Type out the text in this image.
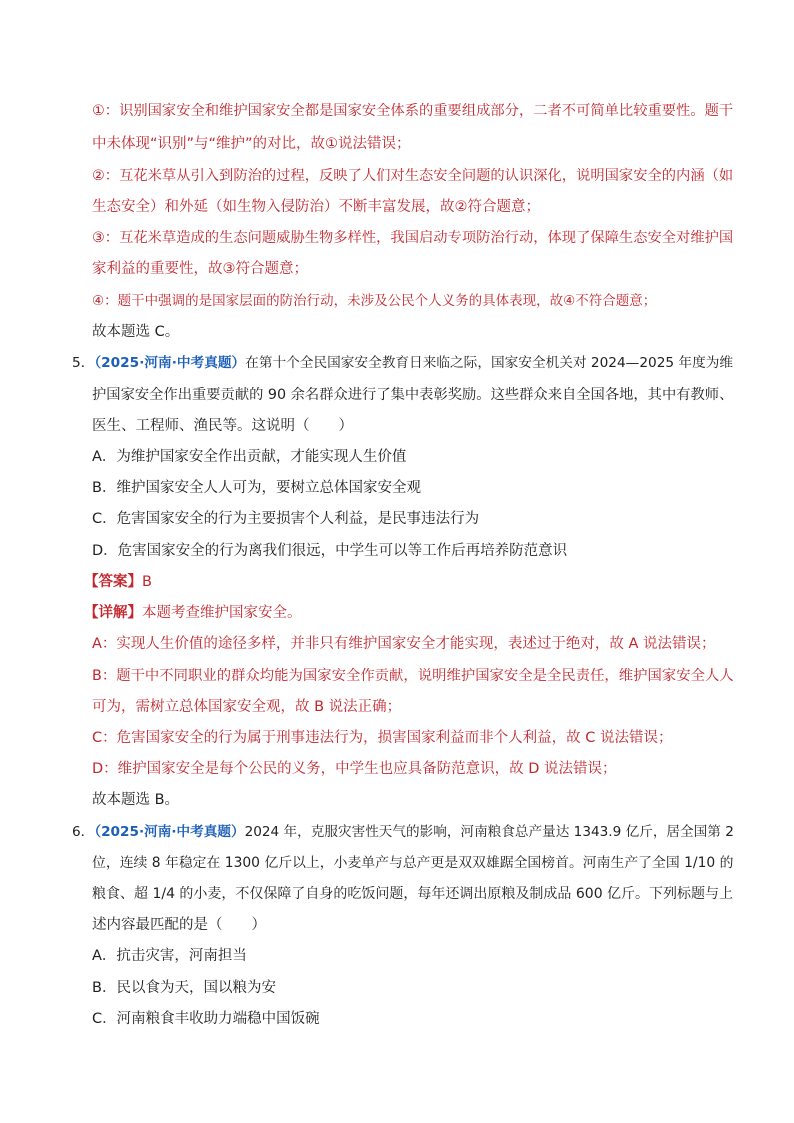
①：识别国家安全和维护国家安全都是国家安全体系的重要组成部分，二者不可简单比较重要性。题干
中未体现“识别”与“维护”的对比，故①说法错误；
②：互花米草从引入到防治的过程，反映了人们对生态安全问题的认识深化，说明国家安全的内涵（如
生态安全）和外延（如生物入侵防治）不断丰富发展，故②符合题意；
③：互花米草造成的生态问题威胁生物多样性，我国启动专项防治行动，体现了保障生态安全对维护国
家利益的重要性，故③符合题意；
④：题干中强调的是国家层面的防治行动，未涉及公民个人义务的具体表现，故④不符合题意；
故本题选 C。
5．（2025·河南·中考真题）在第十个全民国家安全教育日来临之际，国家安全机关对 2024—2025 年度为维
护国家安全作出重要贡献的 90 余名群众进行了集中表彰奖励。这些群众来自全国各地，其中有教师、
医生、工程师、渔民等。这说明（　　）
A．为维护国家安全作出贡献，才能实现人生价值
B．维护国家安全人人可为，要树立总体国家安全观
C．危害国家安全的行为主要损害个人利益，是民事违法行为
D．危害国家安全的行为离我们很远，中学生可以等工作后再培养防范意识
【答案】B
【详解】本题考查维护国家安全。
A：实现人生价值的途径多样，并非只有维护国家安全才能实现，表述过于绝对，故 A 说法错误；
B：题干中不同职业的群众均能为国家安全作贡献，说明维护国家安全是全民责任，维护国家安全人人
可为，需树立总体国家安全观，故 B 说法正确；
C：危害国家安全的行为属于刑事违法行为，损害国家利益而非个人利益，故 C 说法错误；
D：维护国家安全是每个公民的义务，中学生也应具备防范意识，故 D 说法错误；
故本题选 B。
6．（2025·河南·中考真题）2024 年，克服灾害性天气的影响，河南粮食总产量达 1343.9 亿斤，居全国第 2
位，连续 8 年稳定在 1300 亿斤以上，小麦单产与总产更是双双雄踞全国榜首。河南生产了全国 1/10 的
粮食、超 1/4 的小麦，不仅保障了自身的吃饭问题，每年还调出原粮及制成品 600 亿斤。下列标题与上
述内容最匹配的是（　　）
A．抗击灾害，河南担当
B．民以食为天，国以粮为安
C．河南粮食丰收助力端稳中国饭碗
